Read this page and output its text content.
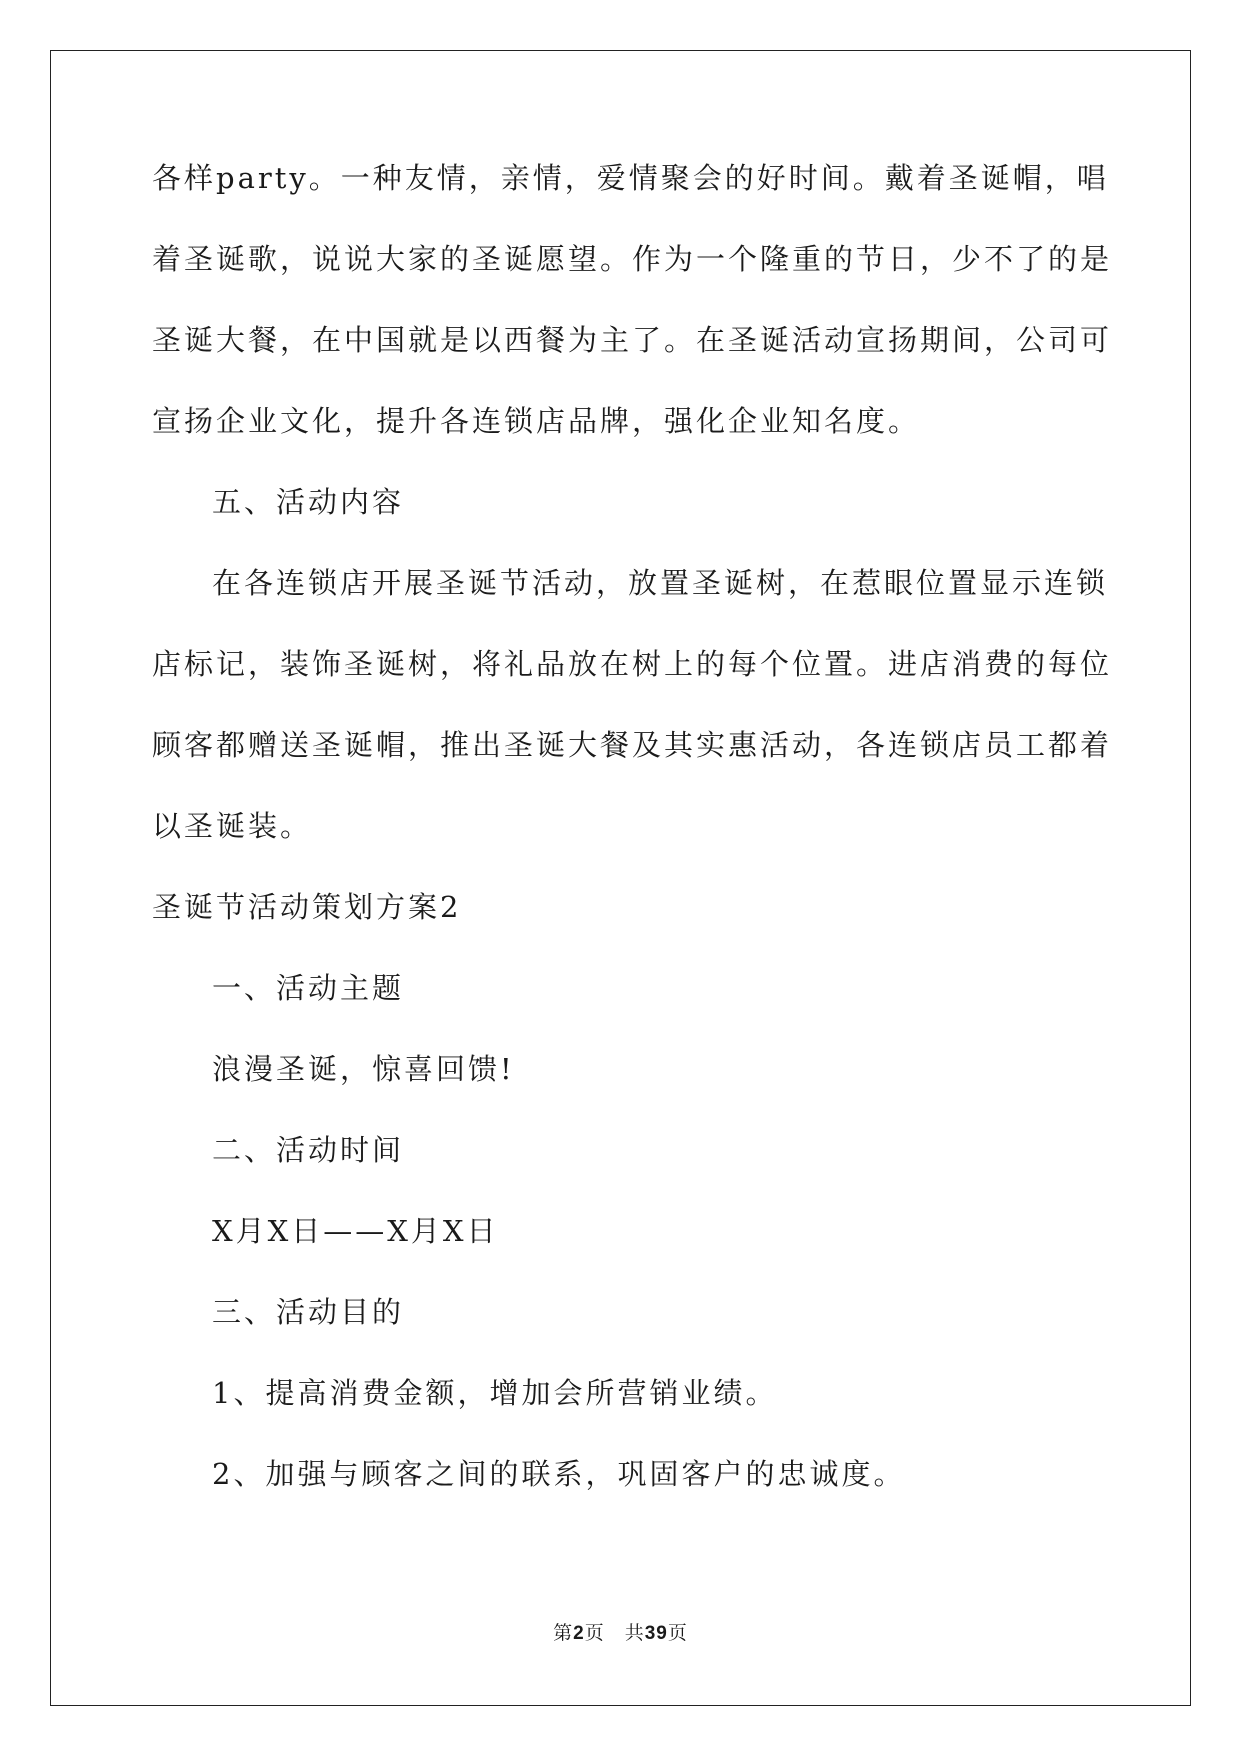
各样party。一种友情，亲情，爱情聚会的好时间。戴着圣诞帽，唱

着圣诞歌，说说大家的圣诞愿望。作为一个隆重的节日，少不了的是

圣诞大餐，在中国就是以西餐为主了。在圣诞活动宣扬期间，公司可

宣扬企业文化，提升各连锁店品牌，强化企业知名度。

五、活动内容

在各连锁店开展圣诞节活动，放置圣诞树，在惹眼位置显示连锁

店标记，装饰圣诞树，将礼品放在树上的每个位置。进店消费的每位

顾客都赠送圣诞帽，推出圣诞大餐及其实惠活动，各连锁店员工都着

以圣诞装。

圣诞节活动策划方案2

一、活动主题

浪漫圣诞，惊喜回馈!

二、活动时间

X月X日——X月X日

三、活动目的

1、提高消费金额，增加会所营销业绩。

2、加强与顾客之间的联系，巩固客户的忠诚度。

第2页　共39页
